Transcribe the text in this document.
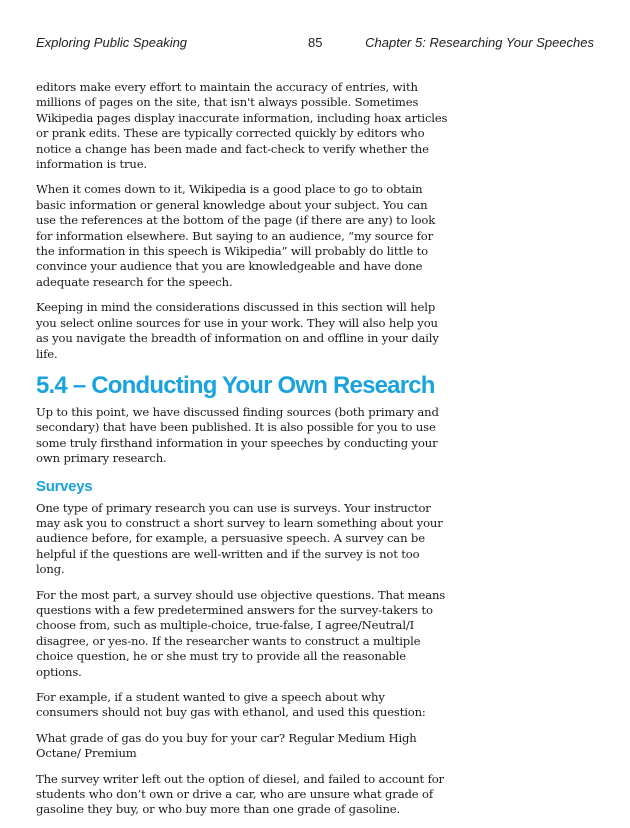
Exploring Public Speaking	85	Chapter 5: Researching Your Speeches

editors make every effort to maintain the accuracy of entries, with millions of pages on the site, that isn't always possible. Sometimes Wikipedia pages display inaccurate information, including hoax articles or prank edits. These are typically corrected quickly by editors who notice a change has been made and fact-check to verify whether the information is true.

When it comes down to it, Wikipedia is a good place to go to obtain basic information or general knowledge about your subject. You can use the references at the bottom of the page (if there are any) to look for information elsewhere. But saying to an audience, “my source for the information in this speech is Wikipedia” will probably do little to convince your audience that you are knowledgeable and have done adequate research for the speech.

Keeping in mind the considerations discussed in this section will help you select online sources for use in your work. They will also help you as you navigate the breadth of information on and offline in your daily life.

5.4 – Conducting Your Own Research

Up to this point, we have discussed finding sources (both primary and secondary) that have been published. It is also possible for you to use some truly firsthand information in your speeches by conducting your own primary research.

Surveys

One type of primary research you can use is surveys. Your instructor may ask you to construct a short survey to learn something about your audience before, for example, a persuasive speech. A survey can be helpful if the questions are well-written and if the survey is not too long.

For the most part, a survey should use objective questions. That means questions with a few predetermined answers for the survey-takers to choose from, such as multiple-choice, true-false, I agree/Neutral/I disagree, or yes-no. If the researcher wants to construct a multiple choice question, he or she must try to provide all the reasonable options.

For example, if a student wanted to give a speech about why consumers should not buy gas with ethanol, and used this question:

What grade of gas do you buy for your car? Regular Medium High Octane/ Premium

The survey writer left out the option of diesel, and failed to account for students who don’t own or drive a car, who are unsure what grade of gasoline they buy, or who buy more than one grade of gasoline.
